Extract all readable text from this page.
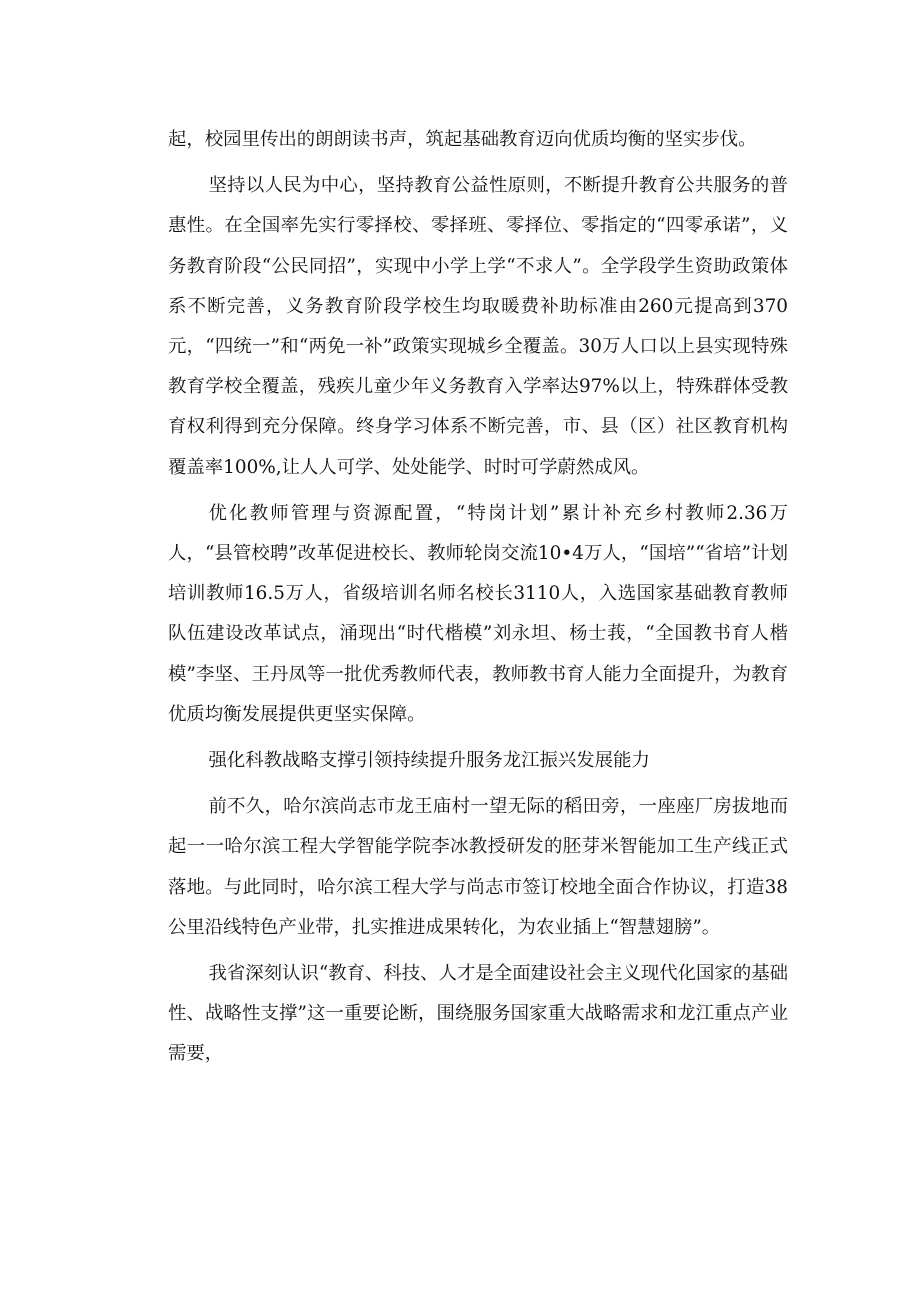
起，校园里传出的朗朗读书声，筑起基础教育迈向优质均衡的坚实步伐。

坚持以人民为中心，坚持教育公益性原则，不断提升教育公共服务的普惠性。在全国率先实行零择校、零择班、零择位、零指定的“四零承诺”，义务教育阶段“公民同招”，实现中小学上学“不求人”。全学段学生资助政策体系不断完善，义务教育阶段学校生均取暖费补助标准由260元提高到370元，“四统一”和“两免一补”政策实现城乡全覆盖。30万人口以上县实现特殊教育学校全覆盖，残疾儿童少年义务教育入学率达97%以上，特殊群体受教育权利得到充分保障。终身学习体系不断完善，市、县（区）社区教育机构覆盖率100%,让人人可学、处处能学、时时可学蔚然成风。

优化教师管理与资源配置，“特岗计划”累计补充乡村教师2.36万人，“县管校聘”改革促进校长、教师轮岗交流10•4万人，“国培”“省培”计划培训教师16.5万人，省级培训名师名校长3110人，入选国家基础教育教师队伍建设改革试点，涌现出“时代楷模”刘永坦、杨士莪，“全国教书育人楷模”李坚、王丹凤等一批优秀教师代表，教师教书育人能力全面提升，为教育优质均衡发展提供更坚实保障。

强化科教战略支撑引领持续提升服务龙江振兴发展能力

前不久，哈尔滨尚志市龙王庙村一望无际的稻田旁，一座座厂房拔地而起一一哈尔滨工程大学智能学院李冰教授研发的胚芽米智能加工生产线正式落地。与此同时，哈尔滨工程大学与尚志市签订校地全面合作协议，打造38公里沿线特色产业带，扎实推进成果转化，为农业插上“智慧翅膀”。

我省深刻认识“教育、科技、人才是全面建设社会主义现代化国家的基础性、战略性支撑”这一重要论断，围绕服务国家重大战略需求和龙江重点产业需要，
